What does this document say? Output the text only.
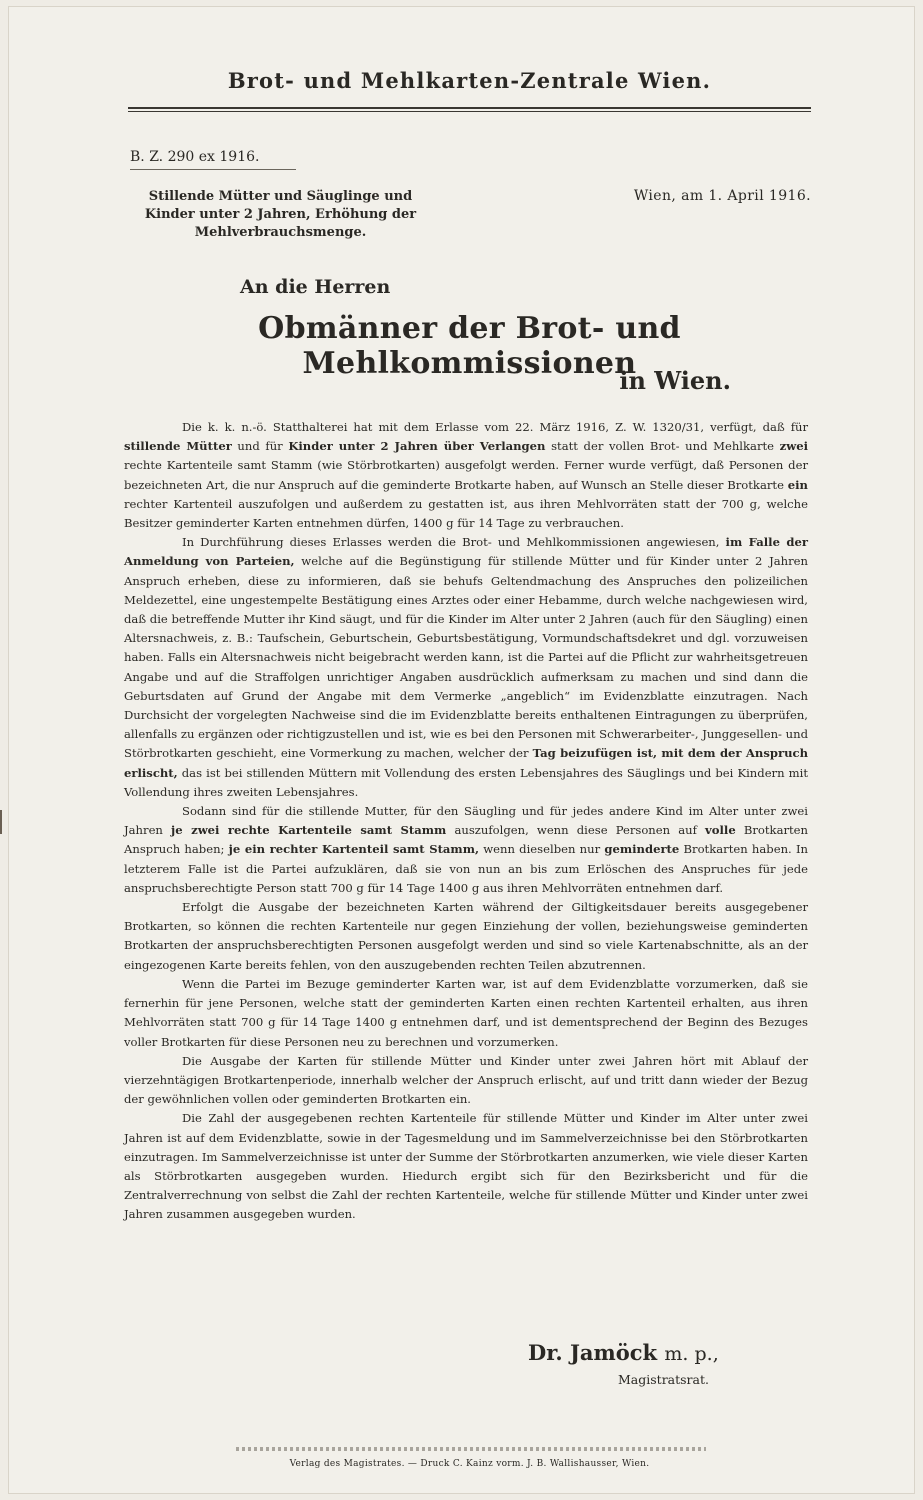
Brot- und Mehlkarten-Zentrale Wien.
B. Z. 290 ex 1916.
Stillende Mütter und Säuglinge und Kinder unter 2 Jahren, Erhöhung der Mehlverbrauchsmenge.
Wien, am 1. April 1916.
An die Herren
Obmänner der Brot- und Mehlkommissionen
in Wien.

Die k. k. n.-ö. Statthalterei hat mit dem Erlasse vom 22. März 1916, Z. W. 1320/31, verfügt, daß für stillende Mütter und für Kinder unter 2 Jahren über Verlangen statt der vollen Brot- und Mehlkarte zwei rechte Kartenteile samt Stamm (wie Störbrotkarten) ausgefolgt werden. Ferner wurde verfügt, daß Personen der bezeichneten Art, die nur Anspruch auf die geminderte Brotkarte haben, auf Wunsch an Stelle dieser Brotkarte ein rechter Kartenteil auszufolgen und außerdem zu gestatten ist, aus ihren Mehlvorräten statt der 700 g, welche Besitzer geminderter Karten entnehmen dürfen, 1400 g für 14 Tage zu verbrauchen.

In Durchführung dieses Erlasses werden die Brot- und Mehlkommissionen angewiesen, im Falle der Anmeldung von Parteien, welche auf die Begünstigung für stillende Mütter und für Kinder unter 2 Jahren Anspruch erheben, diese zu informieren, daß sie behufs Geltendmachung des Anspruches den polizeilichen Meldezettel, eine ungestempelte Bestätigung eines Arztes oder einer Hebamme, durch welche nachgewiesen wird, daß die betreffende Mutter ihr Kind säugt, und für die Kinder im Alter unter 2 Jahren (auch für den Säugling) einen Altersnachweis, z. B.: Taufschein, Geburtschein, Geburtsbestätigung, Vormundschaftsdekret und dgl. vorzuweisen haben. Falls ein Altersnachweis nicht beigebracht werden kann, ist die Partei auf die Pflicht zur wahrheitsgetreuen Angabe und auf die Straffolgen unrichtiger Angaben ausdrücklich aufmerksam zu machen und sind dann die Geburtsdaten auf Grund der Angabe mit dem Vermerke „angeblich“ im Evidenzblatte einzutragen. Nach Durchsicht der vorgelegten Nachweise sind die im Evidenzblatte bereits enthaltenen Eintragungen zu überprüfen, allenfalls zu ergänzen oder richtigzustellen und ist, wie es bei den Personen mit Schwerarbeiter-, Junggesellen- und Störbrotkarten geschieht, eine Vormerkung zu machen, welcher der Tag beizufügen ist, mit dem der Anspruch erlischt, das ist bei stillenden Müttern mit Vollendung des ersten Lebensjahres des Säuglings und bei Kindern mit Vollendung ihres zweiten Lebensjahres.

Sodann sind für die stillende Mutter, für den Säugling und für jedes andere Kind im Alter unter zwei Jahren je zwei rechte Kartenteile samt Stamm auszufolgen, wenn diese Personen auf volle Brotkarten Anspruch haben; je ein rechter Kartenteil samt Stamm, wenn dieselben nur geminderte Brotkarten haben. In letzterem Falle ist die Partei aufzuklären, daß sie von nun an bis zum Erlöschen des Anspruches für jede anspruchsberechtigte Person statt 700 g für 14 Tage 1400 g aus ihren Mehlvorräten entnehmen darf.

Erfolgt die Ausgabe der bezeichneten Karten während der Giltigkeitsdauer bereits ausgegebener Brotkarten, so können die rechten Kartenteile nur gegen Einziehung der vollen, beziehungsweise geminderten Brotkarten der anspruchsberechtigten Personen ausgefolgt werden und sind so viele Kartenabschnitte, als an der eingezogenen Karte bereits fehlen, von den auszugebenden rechten Teilen abzutrennen.

Wenn die Partei im Bezuge geminderter Karten war, ist auf dem Evidenzblatte vorzumerken, daß sie fernerhin für jene Personen, welche statt der geminderten Karten einen rechten Kartenteil erhalten, aus ihren Mehlvorräten statt 700 g für 14 Tage 1400 g entnehmen darf, und ist dementsprechend der Beginn des Bezuges voller Brotkarten für diese Personen neu zu berechnen und vorzumerken.

Die Ausgabe der Karten für stillende Mütter und Kinder unter zwei Jahren hört mit Ablauf der vierzehntägigen Brotkartenperiode, innerhalb welcher der Anspruch erlischt, auf und tritt dann wieder der Bezug der gewöhnlichen vollen oder geminderten Brotkarten ein.

Die Zahl der ausgegebenen rechten Kartenteile für stillende Mütter und Kinder im Alter unter zwei Jahren ist auf dem Evidenzblatte, sowie in der Tagesmeldung und im Sammelverzeichnisse bei den Störbrotkarten einzutragen. Im Sammelverzeichnisse ist unter der Summe der Störbrotkarten anzumerken, wie viele dieser Karten als Störbrotkarten ausgegeben wurden. Hiedurch ergibt sich für den Bezirksbericht und für die Zentralverrechnung von selbst die Zahl der rechten Kartenteile, welche für stillende Mütter und Kinder unter zwei Jahren zusammen ausgegeben wurden.

Dr. Jamöck m. p.,
Magistratsrat.
Verlag des Magistrates. — Druck C. Kainz vorm. J. B. Wallishausser, Wien.
